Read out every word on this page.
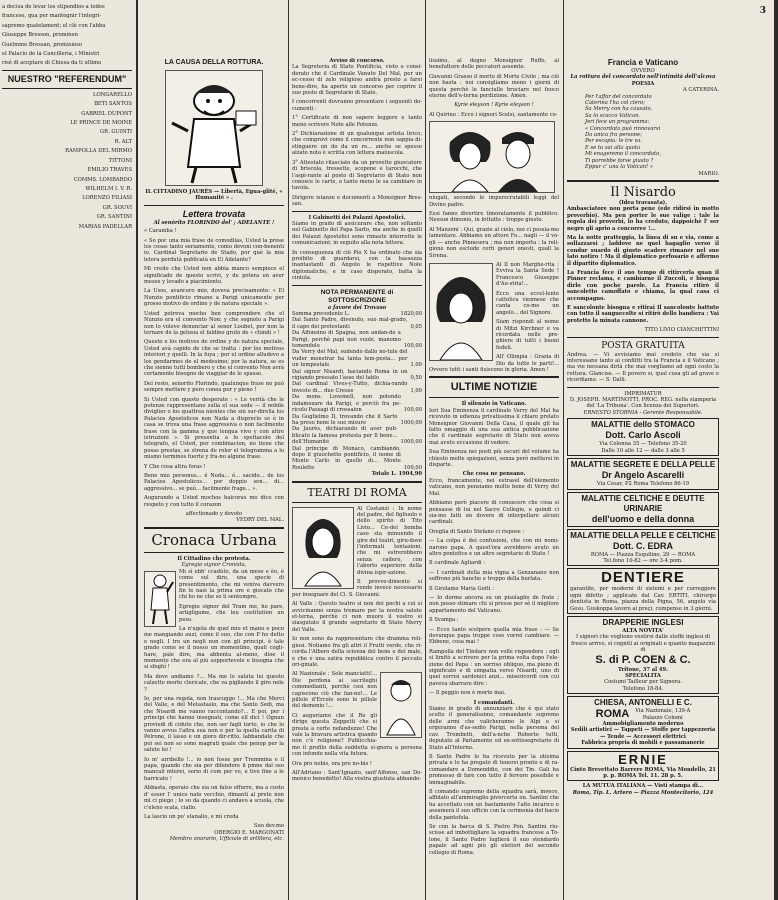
a decisa de levar los stipendios a todos

francese, qua per mantegnir l'integri-

sapremo quatelament; el clè con l'abba

Giuseppe Bresson, prominen

Guelmmo Bressan, promisioso

el Palacio de la Cancilleria, i Ministri

risé di aceptare di Chiesa da ti ultimo

NUESTRO "REFERENDUM"

LONGARELLO

BETI SANTOS

GABRIEL DUPONT

LE PRINCE DE MOINE

GR. GUINTI

R. ALT

RAMPOLLA DEL MIRMO

TITTONI

EMILIO TRAVES

COMMS. LOMBARDO

WILHELM I. V. R.

LORENZO FILIASI

GR. SOUVI

GR. SANTINI

MARIAS PADELLAR

3
LA CAUSA DELLA ROTTURA.
IL CITTADINO JAURÈS — Libertà, Egua-glité, « Humanité » .
Lettera trovata
Al senòrito FLORINDO del' ; ADELANTE !

« Caramba !

« So poc una mia frase de comodilas, Usted la prese los cosas tanto seriamente, como devoni con-benenti io, Cardinal Segretario de Stado, por què la mia letera perdutà publicatà en El Adelante?

Mi credo che Usted non abbia manco sempiece el significado de questo scrivi, y de potera en aver mesos y levado a piacimiento.

La Usos, avancero mio, doveva precisamente: « El Nunzio pontificio rimane a Parigi unicamente per grosso motivo de ordine y de natura speciale ».

Usted potreva mocho ben comprendere che el Nunzio era el convento Non; y che segnolo a Parigi non lo volevo denunciar al senor Loubet, per non la ternare de la gelosia el faldino gruto de « chindi » !

Questo e los motivos de ordine y de natura speciale, Usted avà capido de che se tratta : por los motivos interiori y quelli. In la fuya ; por el ordine alludevo a los gendarmes de el medesimo; por la natura, se es che sienne tutti bombero y che el convento Non avrà certamente bisogno de viaggiar de le spasse.

Del resto, senorito Florindo, qualunque frase no può sempre mettere y pero conea por y pieno !

Si Usted con questo desperate : « Le verità che le potenze rappresentano sulla el sua sede — il nobile diviglier o los quattrea nientes che sin sur-dirella los Palacios Apostolicos non Nada a disprecio se è in casa se trova una frase aggressiva o non facilmente frase con la gamma y que lenqua vivo y con altre istruzioni ». Si presentia a lo spettacolo del telegrafo, el Usted, por combinacion, no tiene che posas prestas, se strena de rolor el telegramma a lo mismo terminos fuerte y fra-no algune frase.

Y Che cosa altra foras !

Bene mio personus... é Noda... é... sacido... de los Palacios Apostolicos... por doppio sen... di... aggressivo... se può... facilmente frage... ».

Augurando a Usted mochos baicoras mo dico con respeto y con tutto il corazon

affectionado y devoto
VEDRY DEL MAL.
Cronaca Urbana
Il Cittadino che protesta.
Egregio signor Cronista,

Mi sì ebb' ccadùto, da un mese e èo, è come sul dire, una specie di presentimento, che mi veniva davvero fin le nasi la prima ore e giocato che chi ho ne che so li sentempre.

Egregio signor del Tram me, ho pare, artigligame, che leu costitution un peso.

La n'ugola de quel mio et mano e poco me mangiando auzi, come il suo, che con P ho detto e negli. I tre un negli non con gli principi. è tale grado come se il nosso un momentino, quali cogli-hare, pale dire, ma abbenta al-meno, dioe il momento che era al più sopportevole e bisogna che si sfoghì !

Ma dove andiamo ?... Ma me lo saluta lei questo calzetto morto clericale, che va pigliando il giro nele ?

Io, per una regola, non trascuggo !... Ma che Merci del Valle, e del Metastasio, ma che Santo Sedi, ma che Nisardi me vanno raccontando?... E poi, per i principi che hanno insegnati, come ell dici ! Ognun proviedi di ciduto che, non ser fagli torto, io che lo vanno avvus l'altra sua non e per la quella carita di Pelrone, il lasso e un gioro dir-ritto, labbandate che poi sei non so sono magrati quale che penop per la salute lei !

Io m' arribello !... io non fosse per Tremmina e il papa, quando che sia per difendere il pmne dal seo mancali mterei, serio di com per vo, e tivo fine a le barricate !

Abbasta, operaio che sia un falso offurre, ma a costo d' esser l' unico nato vecchio, dimanti al prete non mi ci piego ; lo so da quando ci andavo a scuola, che c'eleno scala, ciallo.

La lascio un po' stanalio, e mi creda

Suo dev.mo
OBERGIO E. MARGONATI
Membro onorario, Ufficiale di artillera, etc.
Avviso di concorso.

La Segreteria di Stato Pontificia, visto e consi-derato che il Cardinale Vanuto Del Mal, per un ec-cesso di zelo religioso andrà presto a farsi bene-dire, ha aperto un concorso per coprire il suo posto di Segretario di Stato.

I concorrenti dovranno presentare i seguenti do-cumenti :

1° Certificato di non sapere leggere e tanto meno scrivere Note alle Potenze.

2° Dichiarazione di un qualunque artista lirico, che comprovi come il concorrente non sappia di-stinguere un do da un re... anche se spesso alzato nota è scritta con lettera maiuscola.

3° Attestato rilasciato da un provetto giuocatore di briscola, tressette, scopone e tarocchi, che l'aspi-rante al posto di Segretario di Stato non conosce le carte, e tanto meno le sa cambiare in tavola.

Dirigere istanze e documenti a Monsignor Bres-san.

I Gabinetti dei Palazzi Apostolici.

Siamo in grado di assicurare che, non soltanto nel Gabinetto del Papa Sarto, ma anche in quelli dei Palazzi Apostolici sono rimaste interrotte le comunicazioni; in seguito alla nota lettera.

In conseguenza di ciò Pio X ha ordinato che sia proibito di guardarsi, con la bassezza inantastanti di Angolo le rispettive Note diplomatiche, e in caso disperato, batta la cintola.

NOTA PERMANENTE di SOTTOSCRIZIONE
a favore dei Trovaso
Somma precedente L.	1820,00
Dal Santo Padre, divenuto, suo mal-grado, il capo dei protestanti	0,05
Da Alfonsino di Spagna, non andan-do a Parigi, perchè papi non vuole, manomo temendolo	100,00
Da Verry del Mal, sudendo dallo no-tule del vuder monstrar ha tanta tem-pesta... per un tempestale	1,00
Dal signor Nisardi, baciando Roma in un rigiando pressato l'asse del tablo	0,50
Dal cardinal Vives-y-Tutto, dichia-rando investo di... due Cresse	1,00
Da mons. Lovemell, non potendo indamozare da Parigi, e perciò fra pe-ricolo Passagi di crossaion	100,00
Da Guglielmo II, trovando che il Sarto ha preso bene le sue misure	1000,00
Da Jaurès, dichiarando di aver pub-blicato la famosa protesta per Il bene... dell'Humanité	1000,00
Dal principe di Monaco, cambiando, dopo il giuochetto pontificio, il nome di Monte Carlo in quello di... Monte Roulette	100,00
Totale L. 1904,90
TEATRI DI ROMA

Al Costanzi : In nome del padre, del figliuolo e dello spirito di Tito Livio... Ce-dei bomba caso sta minuendo il giro del teatri, giru-dove l'informati tentazioni, che mi estrerobbero senza cadere, con l'aborto superiore della divina ispir-azione.

Il provve-dimento si rende invece necessario per insegnare del Ci. S. Giovanni.

Al Valle : Questo teatro si non dei pochi a cui si avvicinanno senza tremare per la nostra salute et-terna, perchè ci non muore il vostro si siasgutato il grande segretario di Stato Merry del Valle.

Io non sono da rappresentare che dramma reli-giosi. Notiamo fra gli altri il Frutti verde, che ri-corda l'Albero della scienza del bene e del male, e che e una satira repubblica contro il peccato ori-ginale.

Al Nazionale : Sole manciatti!... Die perdona ai sacrileghi commedianti, perchè cosi non capiscono ciò che fan-no!... Le pillole d'Ercole sono le pillole del demonio !...

Ci auguriamo che il Re gli dirige questa Zeppetti che si presta a certe nefandezze! Che vale la bravura artistica quando non c'è religione? Publicchia-mo il profilo della suddetta si-gnora a persona con infondo nella vita futura.

Ora pro nobis, ora pro no-bis !

All'Adriano : Sant'Ignazio, sant'Alfonso, san Do-menico benedetto! Alla vostra giustizia abbando-

lissimo, al degno Monsignor Ruffo, al benefattore delle peccatori assemte.

Giovanni Grasso il morto di Morte Civile ; ma ciò non basta : noi consigliamo meno i giorni di questa perchè le fanciulle bruciare nel fuoco eterno dell'e-terna perdizione. Amen.

Kyrie eleyson ! Kyrie eleyson !

Al Quirino : Ecco i signori Scelsi, santamente co-

niugati, secondo le imperscrutabili leggi del Divino padre.

Essi fanno divertire timoratamente il pubblico. Nessun dimonio, in fottutte : troppo giusto.

Al Manzoni : Qui, grazie al cielo, noi ci possia-mo lamentare. Abbiamo un attore Fo... nagli — il vo-gli — anche Pinnesera ; ma non importa : la reli-gione non esclude certi generi onesti, quali la Sirena.

Al Il non Marghe-rita : Evviva la Santa Sede ! Francesco Giuseppe d'Au-stria!...

Ecco una eccel-lente cattolica viennese che canta co-me un angelo... del Signore.

Siam rispondi al nome di Mitzi Kirchner e va ricordata nelle pre-ghiere di tutti i buoni fedeli.

All' Olimpia : Grazia di Dio da tutte le parti!... Ovvero tutti i santi fisiscono in gloria. Amen !

ULTIME NOTIZIE
Il silenzio in Vaticano.

Ieri Sua Eminenza il cardinale Verry del Mal ha ricevuto in udienza privatissima il chiaro prelato Monsignor Giovanni Della Casa, il quale gli ha fatto omaggio di una sua antica pubblicazione che il cardinale segretario di Stato non aveva mai avuto occasione di vedere.

Sua Eminenza nei posti più oscuri del volume ha chiesto molte spiegazioni, senza però mettersi in disparte.

Che cosa ne pensano.

Ecco, francamente, nei estrasel dell'elemento vaticano, non pensiamo molto bene di Verry del Mal.

Abbiamo però piacere di conoscere che cosa si pensasse di lui nel Sacro Collegio, e quindi ci sia-mo fatti un dovere di interpellare alcuni cardinali.

Oreglia di Santo Stefano ci rispose :

— La colpa è dei confusioni, che con mi nomi-narono papa. A quest'ora avrebbero avuto un altro pontefice e un altro segretario di Stato !

Il cardinale Agliardi :

— I cardinali della mia vigna a Genzanano non soffrono più banche e troppo della burlata.

Il Girolamo Maria Gotti :

— Io dorme ancora su un pisolaglio de frate ; non posso stimare chi si presse per sè il migliore appartamento del Vaticano.

Il Svampa :

— Ecco tanto scelpere quella mia frase : — Se dovunque papa troppe cose vorrei cambiare. — Ebbene, cosa mai !

Rampolla del Tindaro non volle rispondere ; egli si limitò a scrivere per la prima volta dopo l'ele-zione del Papa : un sorriso obliquo, ma pieno di significato e di simpatia verso Nisardi, uno di quei sorrisi sardonici anzi... misericordi con cui paveva sbarrare dire :

— Il peggio non è morto mai.

I comandanti.

Siamo in grado di annunziare che è qui stato scelto il generalissimo, comandante supremo delle armi che valicheranno le Alpi e si ergeranno d'as-sedio Parigi, nella persona del cav. Trombetti, dell'a-nche Roberto tutti, deputato al Parlamento ed ex-sottosegretario di Stato all'Interno.

Il Santo Padre lo ha ricevuto per la utisima privata e lo ha pregato di tenersi pronto e di ra-comandare a Domenddio, con dei Tm. Gali ha promesso di fare con tutto il fervore possibile e immaginabile.

Il comando supremo della squadra sarà, invece, affidato all'ammiraglio pivercertu on. Santini che ha accettato con un bastamento l'alto incarico e assumerà il suo ufficio con la cerimonia del bacio della pantofola.

Se con la barca di S. Pietro Pon. Santini riu-scisse ad imbottigliare la squadra francese a To-lone, il Santo Padre luglierà il suo stendardo papale ad agni più gli elettori del secondo collegio di Roma.

Francia e Vaticano
OVVERO
La rottura del concordato nell'intimità dell'alcova
POESIA
A CATERINA.
Per l'affar del concordato
Caterina l'ha col clero;
Sa Merry con ha causato,
Sa lo scacco Vatican.
Jeri fece un programma:
« Concordato può rinnovarsi
Da unica fra persone;
Per escapia: le tre va.
E se tu sai alla quota
Mi enageremo il concordato,
Ti porrebbe forse giusto ?
Eppur c' una la Vatican! »
MARIO.
Il Nisardo
(Idea travasata).

Ambasciatore non porta pene (ede ridirsi in motto proverbio). Ma pen porter le sue valige : tale la regola dei proverbi, lo ha creduto, dappoichè l' ser negro gli aprio a concorree !...

Ma la notte pratteggia, la linea di su e via, come a sollazzarsi ; laddove ne quel bagaglio verso il condur suardo di giusto scadere rimaner nel suo lato notiro ! Ma il diplomatico perfosario e affermo il dipartito diplomatico.

La Francia fece il suo tempo di ritircerla quan il Pinner reclama, e cambiarne il Zuccoli, e bisogna dirlo con poche parole. La Francia ritirò il sancoletto camoffato e chiama, la qual casa ci accompagno.

E sancolonte bisogna e ritirai Il sancolonte battuto con tutto il sanguecolte si ritirò dello bandiera : Vai protetto la minata cannone.

TITO LIVIO CIANCHETTINI
POSTA GRATUITA

Andrea. — Vi avvisiamo mai credeto che sia si interessane tanto ai conflitti tra la Francia e il Vaticano ; ma vie nessana dirlà che mai vorgliamo ad ogni costo la rottura. Glancise. — Il povero si, qual cosa gli ad grave e ricordiamo. — S. Dalli.

IMPRIMATUR
D. JOSEPH. MARTINOTTI, PROC. REG. nella stamperia del 'La Tribuna'. Con licenza dei Superiori.
ERNESTO STORNIA - Gerente Responsabile.
MALATTIE dello STOMACO
Dott. Carlo Ascoli
Via Colonna 35 — Telefono 35-20
Dalle 10 alle 12 — dalle 3 alle 5
MALATTIE SEGRETE E DELLA PELLE
Dr Angelo Ascarelli
Via Cesar, P2 Roma Telefono 86-19
MALATTIE CELTICHE E DEUTTE URINARIE
dell'uomo e della donna
MALATTIE DELLA PELLE E CELTICHE
Dott. C. EDRA
ROMA — Piazza Esquilino, 29 — ROMA
Tel.fono 10-82 — ore 3-4 pom.
DENTIERE
garantite, per moderni di sistemi e per correggere ogni difetto ; applicate dal Cav. ERTITI, chirurgo dentista in Roma, piazza della Pigna, 56, angolo via Gesu. Guskoppa lavoro ai preçi, compense in 3 giorni.
DRAPPERIE INGLESI
ALTA NOVITA'
I signori che vogliono vestirsi dalle stoffe inglesi di fresco arrivo, si cogniti ai originali e quanto magazzini di
S. di P. COEN & C.
Tritone, 37 al 49.
SPECIALITA
Costumi Tailleur per Signora.
Telefono 18-84.
CHIESA, ANTONELLI E C.
ROMA Via Nazionale, 139-A
Palazzo Colomi
Ammobigliamento moderno
Sedili artistici — Tappeti — Stoffe per tappezzeria — Tende — Accessori elettrici
Fabbrica propria di mobili e passamanerie
ERNIE
Cinto Brevettato Barrere ROMA, Via Mondello, 21 p. p. ROMA Tel. 11. 28 p. 5.
LA MUTUA ITALIANA — Visti stampa di...
Roma, Tip. L. Artero — Piazza Montecitorio, 124
